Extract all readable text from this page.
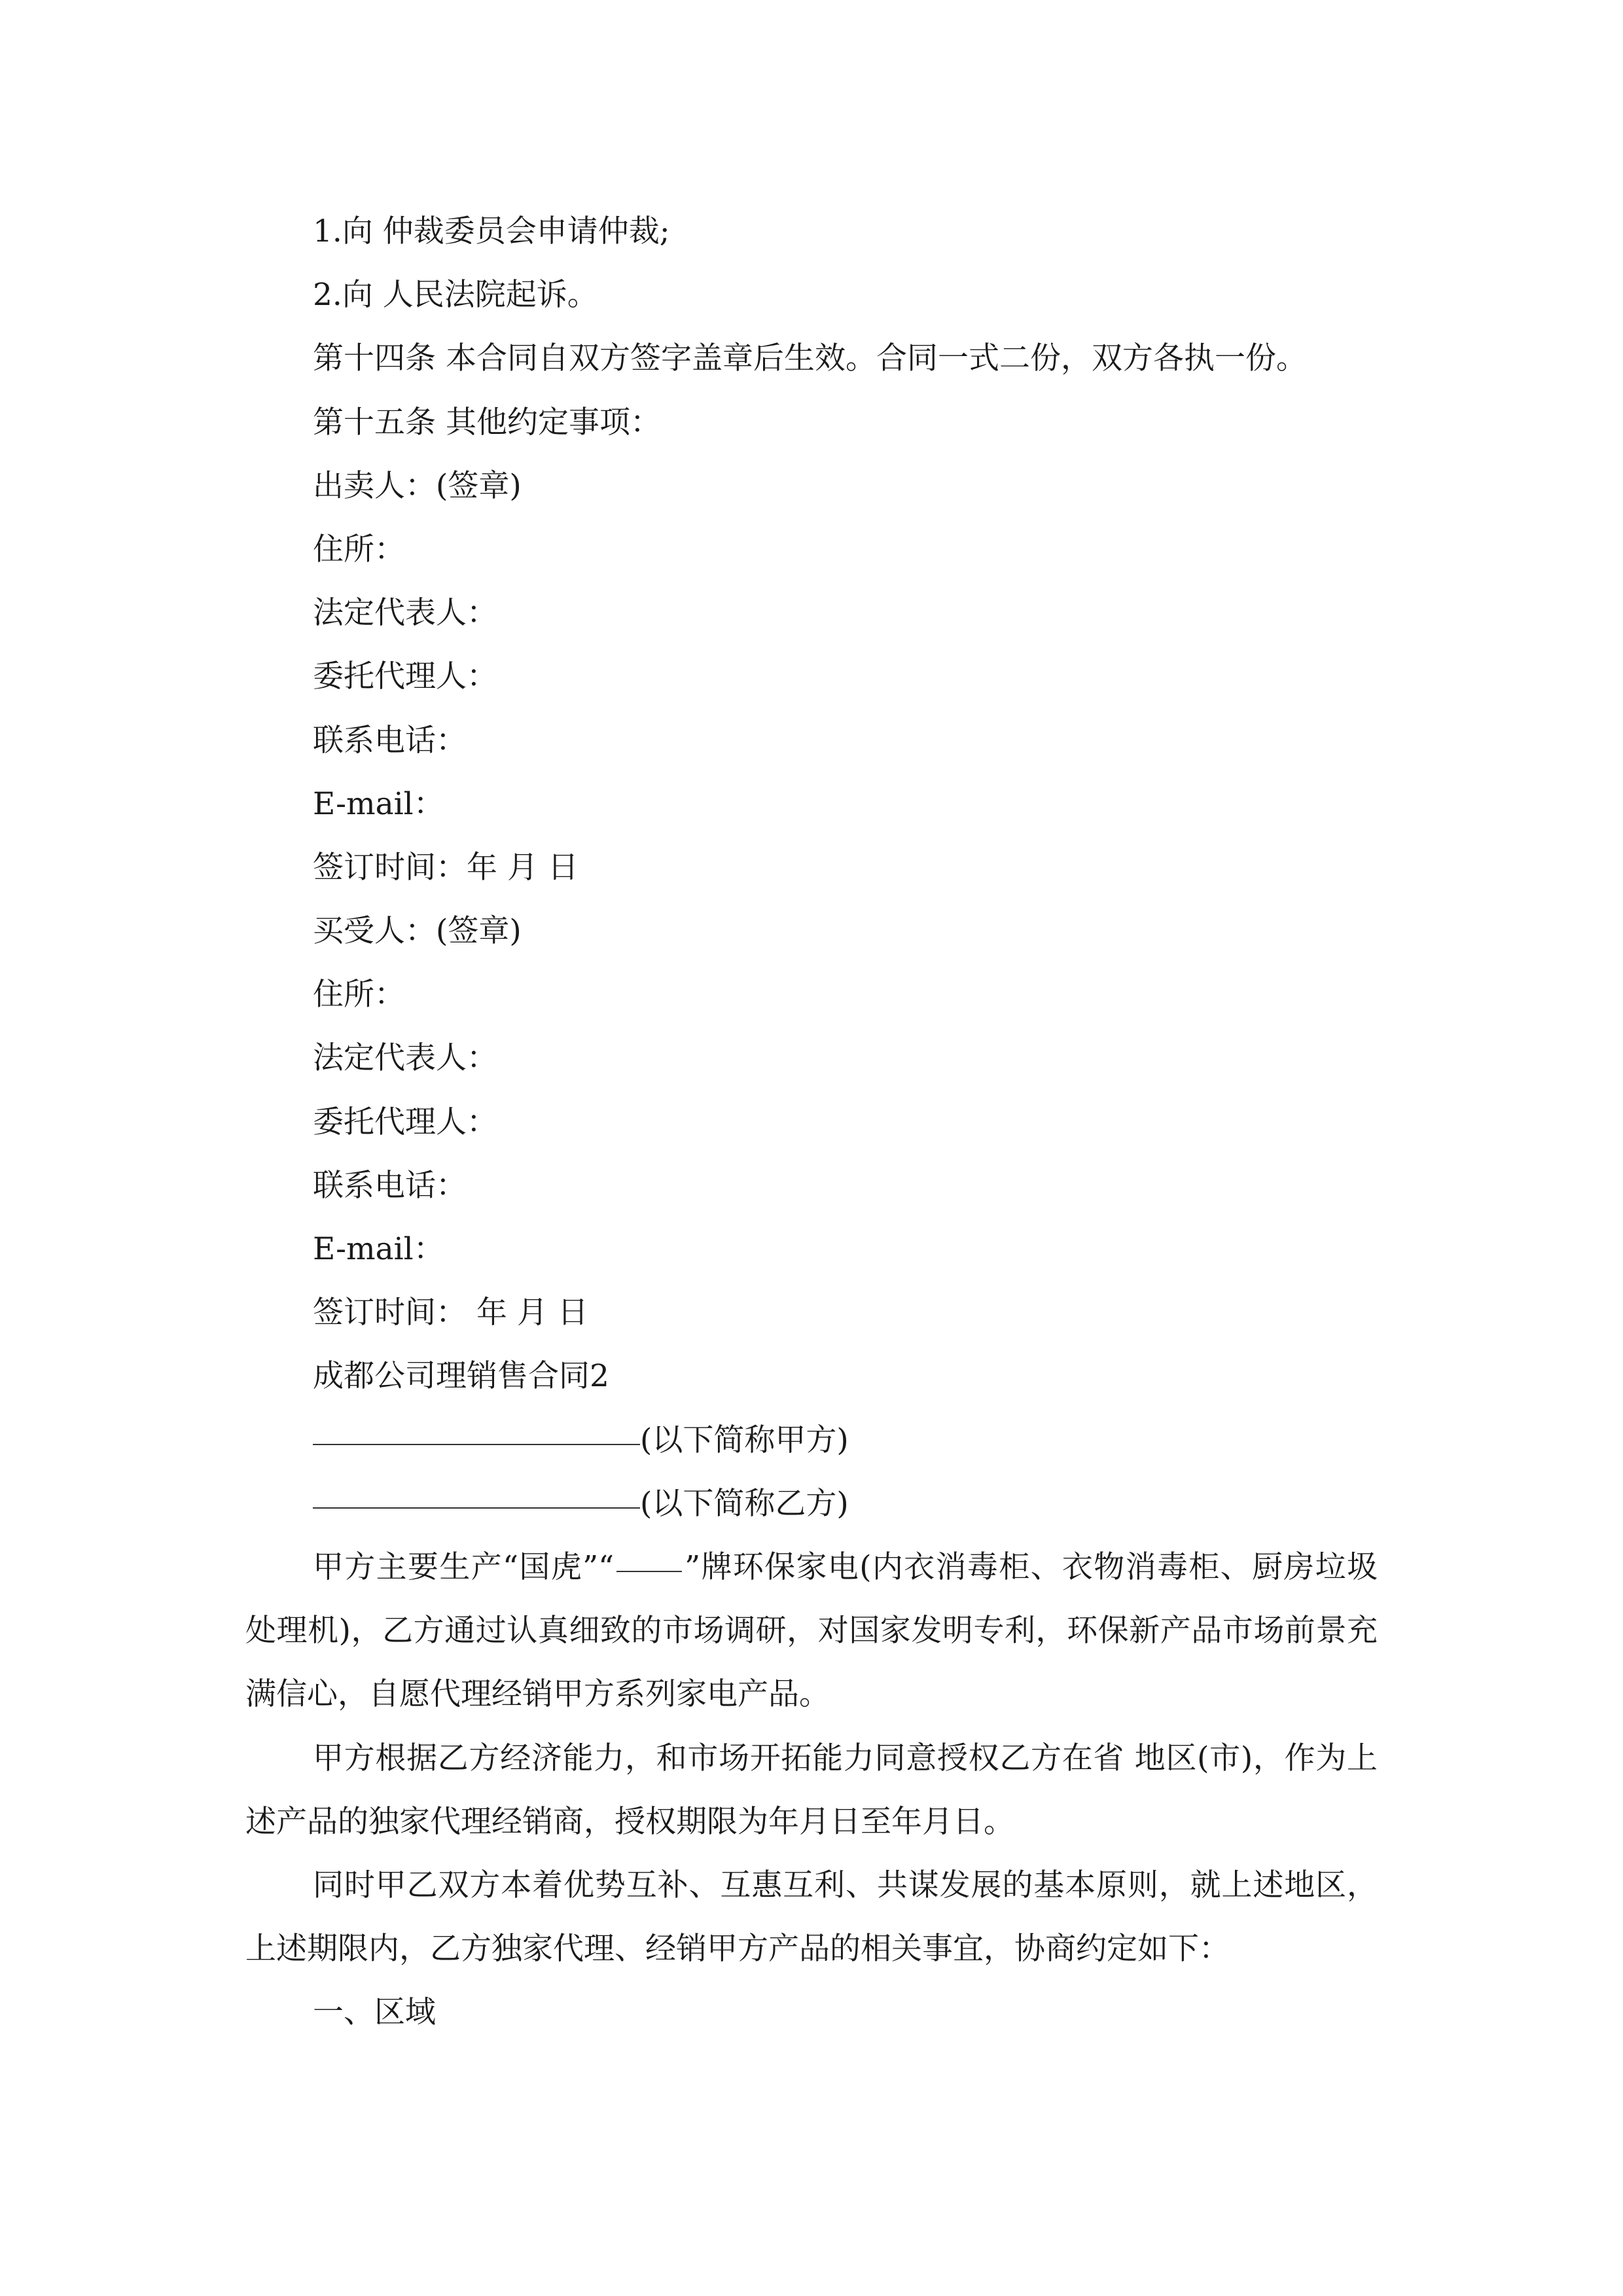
1.向 仲裁委员会申请仲裁;

2.向 人民法院起诉。

第十四条 本合同自双方签字盖章后生效。合同一式二份，双方各执一份。

第十五条 其他约定事项：

出卖人：(签章)

住所：

法定代表人：

委托代理人：

联系电话：

E-mail：

签订时间：年 月 日

买受人：(签章)

住所：

法定代表人：

委托代理人：

联系电话：

E-mail：

签订时间： 年 月 日

成都公司理销售合同2

(以下简称甲方)

(以下简称乙方)

甲方主要生产“国虎”“ ”牌环保家电(内衣消毒柜、衣物消毒柜、厨房垃圾处理机)，乙方通过认真细致的市场调研，对国家发明专利，环保新产品市场前景充满信心，自愿代理经销甲方系列家电产品。

甲方根据乙方经济能力，和市场开拓能力同意授权乙方在省 地区(市)，作为上述产品的独家代理经销商，授权期限为年月日至年月日。

同时甲乙双方本着优势互补、互惠互利、共谋发展的基本原则，就上述地区，上述期限内，乙方独家代理、经销甲方产品的相关事宜，协商约定如下：

一、区域
